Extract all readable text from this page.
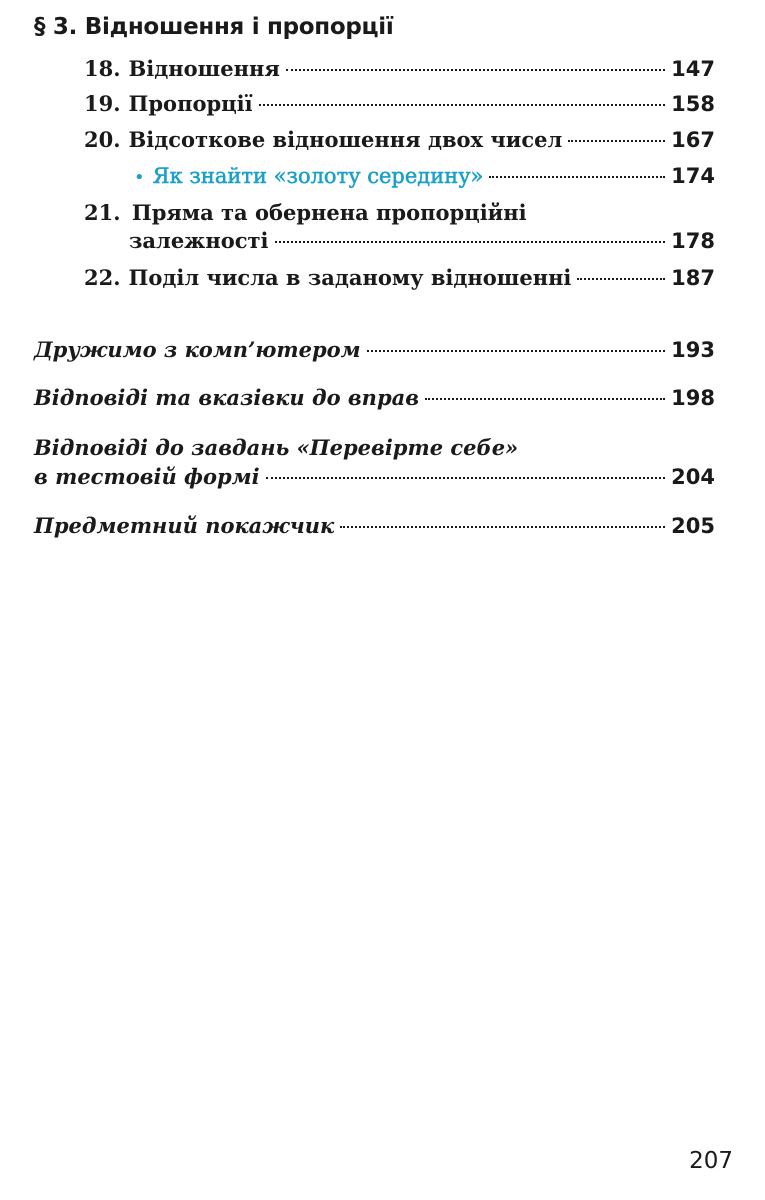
§ 3. Відношення і пропорції
18. Відношення	147
19. Пропорції	158
20. Відсоткове відношення двох чисел	167
• Як знайти «золоту середину»	174
21. Пряма та обернена пропорційні
залежності	178
22. Поділ числа в заданому відношенні	187
Дружимо з комп’ютером	193
Відповіді та вказівки до вправ	198
Відповіді до завдань «Перевірте себе»
в тестовій формі	204
Предметний покажчик	205
207
